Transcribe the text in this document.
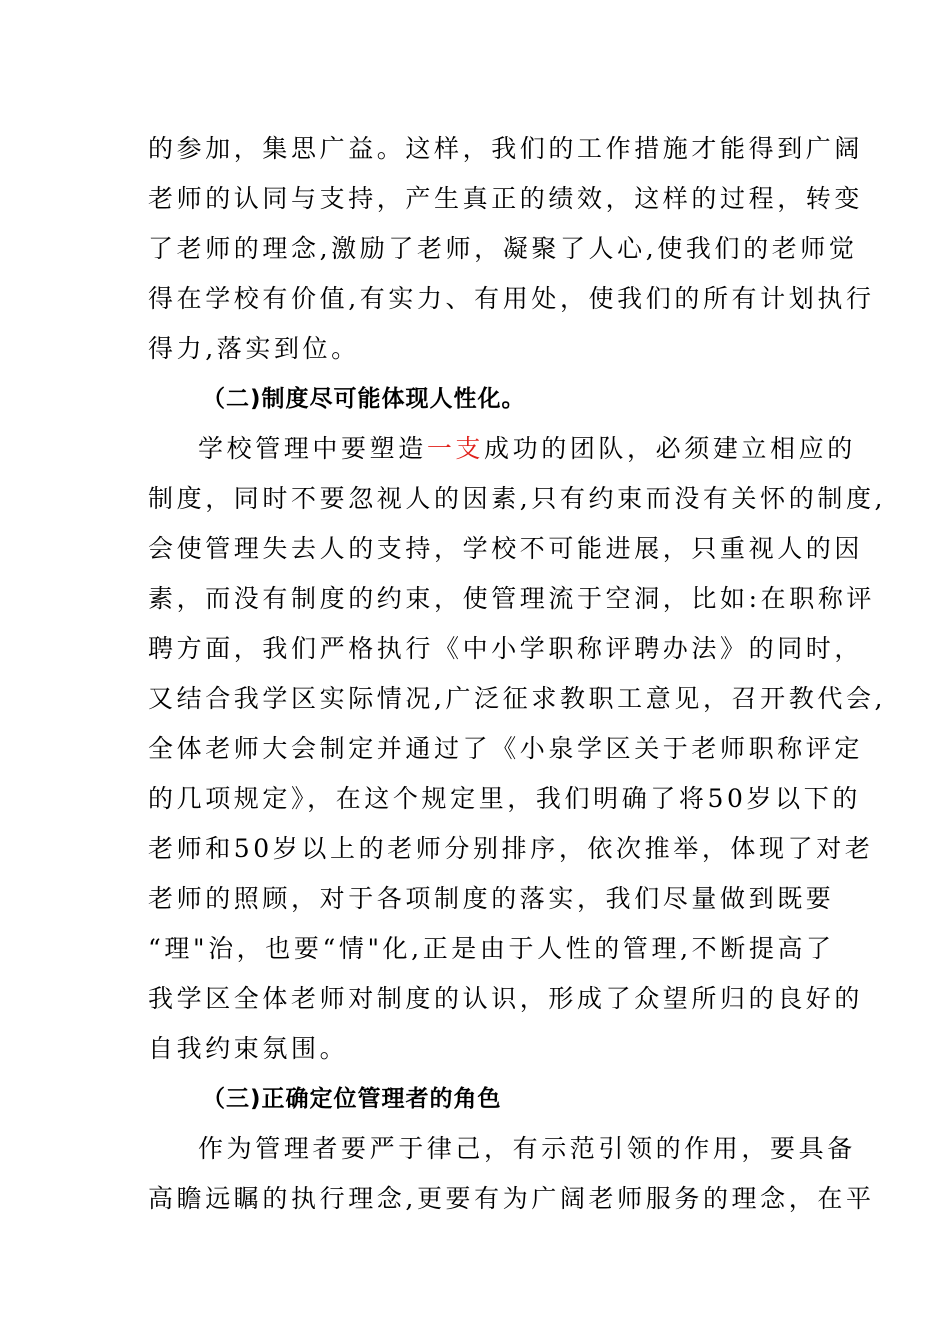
的参加，集思广益。这样，我们的工作措施才能得到广阔
老师的认同与支持，产生真正的绩效，这样的过程，转变
了老师的理念,激励了老师，凝聚了人心,使我们的老师觉
得在学校有价值,有实力、有用处，使我们的所有计划执行
得力,落实到位。
（二)制度尽可能体现人性化。
学校管理中要塑造一支成功的团队，必须建立相应的
制度，同时不要忽视人的因素,只有约束而没有关怀的制度,
会使管理失去人的支持，学校不可能进展，只重视人的因
素，而没有制度的约束，使管理流于空洞，比如:在职称评
聘方面，我们严格执行《中小学职称评聘办法》的同时，
又结合我学区实际情况,广泛征求教职工意见，召开教代会,
全体老师大会制定并通过了《小泉学区关于老师职称评定
的几项规定》，在这个规定里，我们明确了将50岁以下的
老师和50岁以上的老师分别排序，依次推举，体现了对老
老师的照顾，对于各项制度的落实，我们尽量做到既要
“理"治，也要“情"化,正是由于人性的管理,不断提高了
我学区全体老师对制度的认识，形成了众望所归的良好的
自我约束氛围。
（三)正确定位管理者的角色
作为管理者要严于律己，有示范引领的作用，要具备
高瞻远瞩的执行理念,更要有为广阔老师服务的理念，在平
